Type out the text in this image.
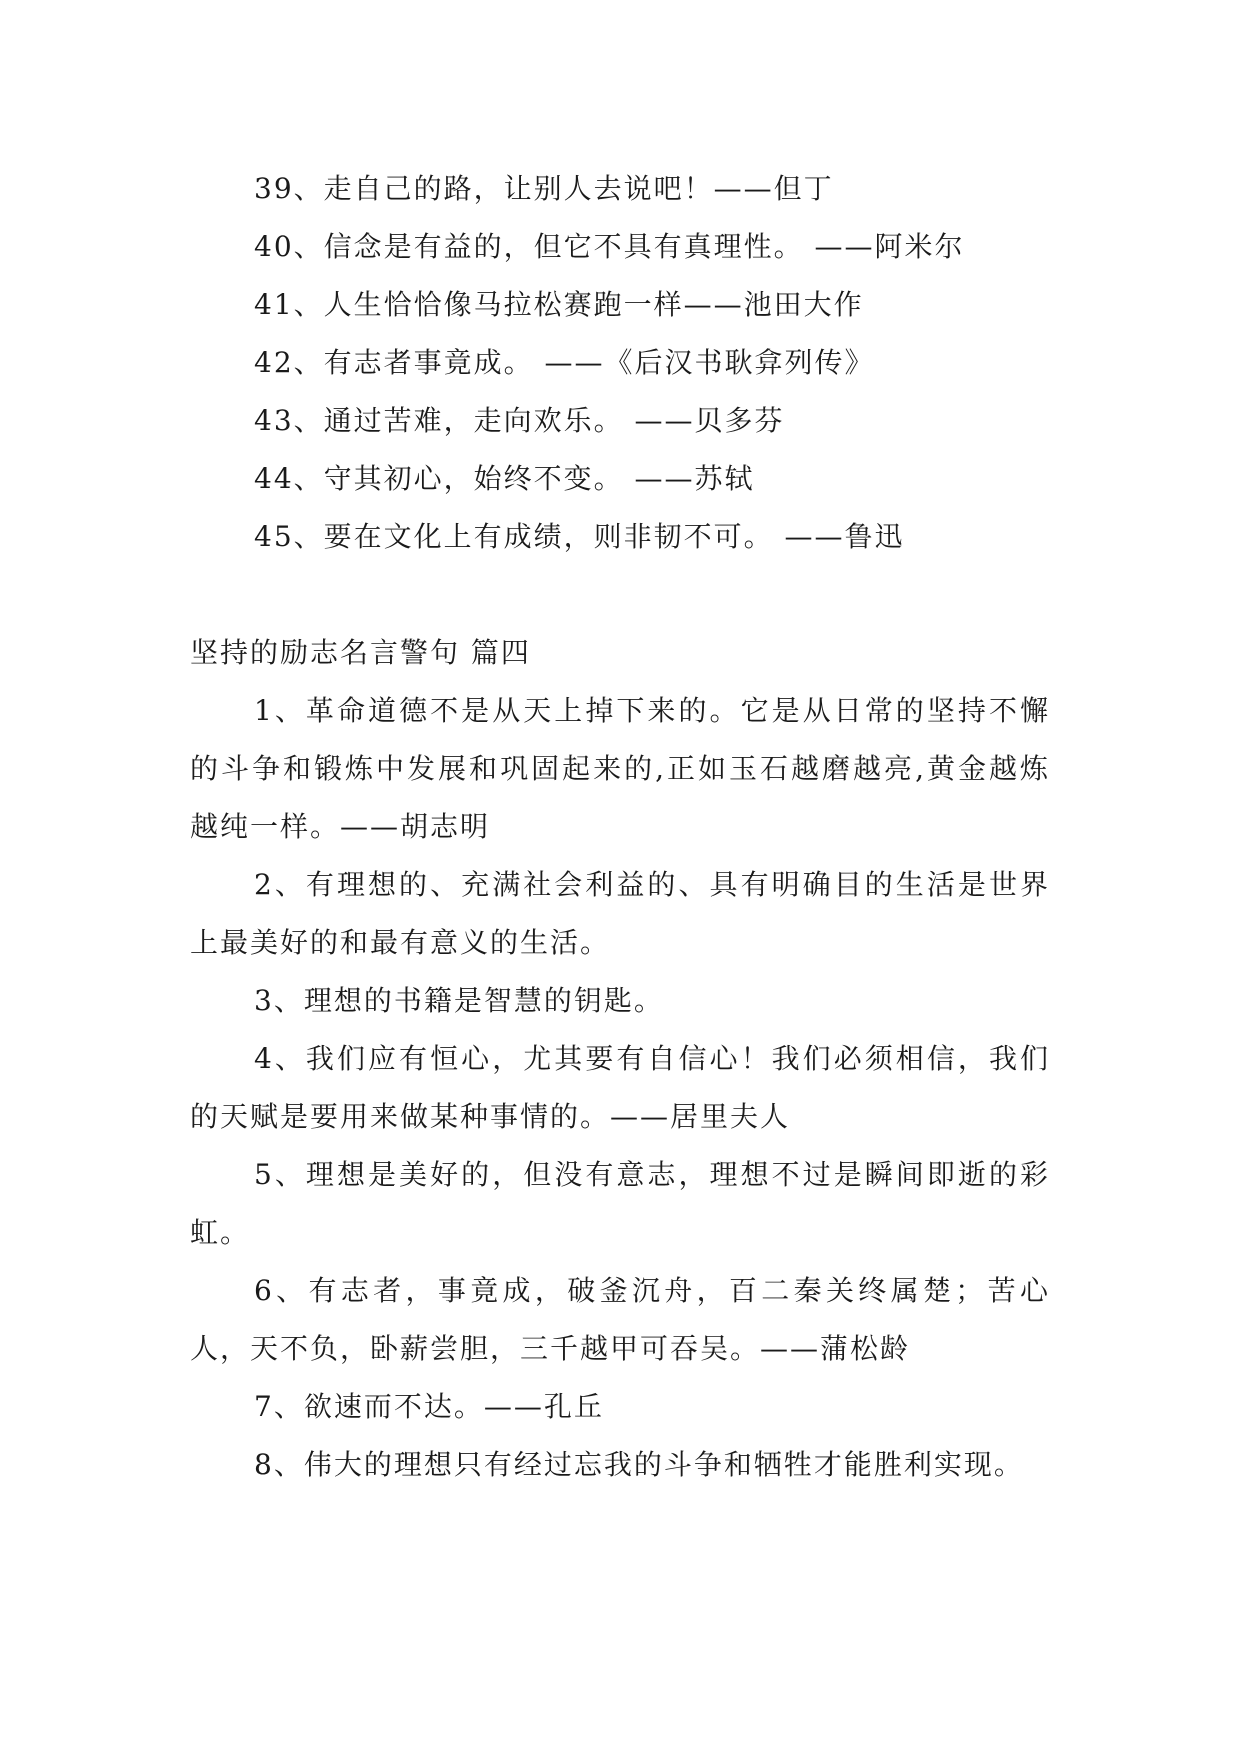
39、走自己的路，让别人去说吧！——但丁
40、信念是有益的，但它不具有真理性。 ——阿米尔
41、人生恰恰像马拉松赛跑一样——池田大作
42、有志者事竟成。 ——《后汉书耿弇列传》
43、通过苦难，走向欢乐。 ——贝多芬
44、守其初心，始终不变。 ——苏轼
45、要在文化上有成绩，则非韧不可。 ——鲁迅
坚持的励志名言警句 篇四

1、革命道德不是从天上掉下来的。它是从日常的坚持不懈的斗争和锻炼中发展和巩固起来的,正如玉石越磨越亮,黄金越炼越纯一样。——胡志明

2、有理想的、充满社会利益的、具有明确目的生活是世界上最美好的和最有意义的生活。

3、理想的书籍是智慧的钥匙。

4、我们应有恒心，尤其要有自信心！我们必须相信，我们的天赋是要用来做某种事情的。——居里夫人

5、理想是美好的，但没有意志，理想不过是瞬间即逝的彩虹。

6、有志者，事竟成，破釜沉舟，百二秦关终属楚；苦心人，天不负，卧薪尝胆，三千越甲可吞吴。——蒲松龄

7、欲速而不达。——孔丘

8、伟大的理想只有经过忘我的斗争和牺牲才能胜利实现。
